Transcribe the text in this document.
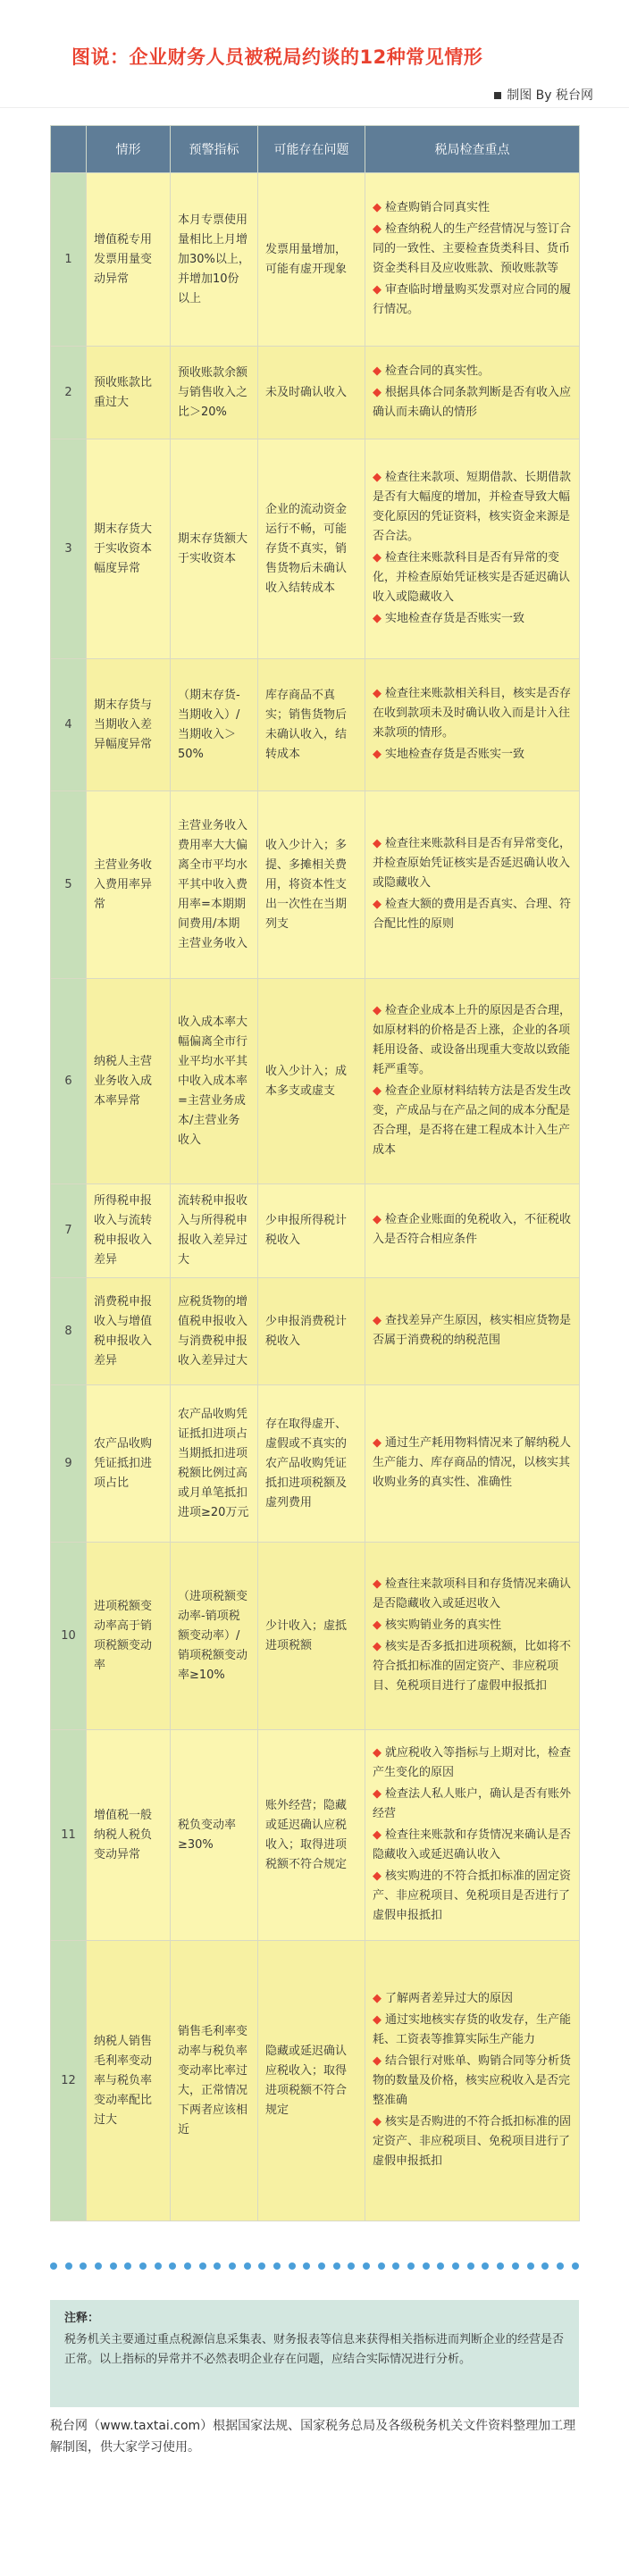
图说：企业财务人员被税局约谈的12种常见情形
制图 By 税台网
	情形	预警指标	可能存在问题	税局检查重点
1	增值税专用发票用量变动异常	本月专票使用量相比上月增加30%以上，并增加10份以上	发票用量增加，可能有虚开现象	◆ 检查购销合同真实性
◆ 检查纳税人的生产经营情况与签订合同的一致性、主要检查货类科目、货币资金类科目及应收账款、预收账款等
◆ 审查临时增量购买发票对应合同的履行情况。

2	预收账款比重过大	预收账款余额与销售收入之比＞20%	未及时确认收入	◆ 检查合同的真实性。
◆ 根据具体合同条款判断是否有收入应确认而未确认的情形

3	期末存货大于实收资本幅度异常	期末存货额大于实收资本	企业的流动资金运行不畅，可能存货不真实，销售货物后未确认收入结转成本	◆ 检查往来款项、短期借款、长期借款是否有大幅度的增加，并检查导致大幅变化原因的凭证资料，核实资金来源是否合法。
◆ 检查往来账款科目是否有异常的变化，并检查原始凭证核实是否延迟确认收入或隐藏收入
◆ 实地检查存货是否账实一致

4	期末存货与当期收入差异幅度异常	（期末存货-当期收入）/当期收入＞50%	库存商品不真实；销售货物后未确认收入，结转成本	◆ 检查往来账款相关科目，核实是否存在收到款项未及时确认收入而是计入往来款项的情形。
◆ 实地检查存货是否账实一致

5	主营业务收入费用率异常	主营业务收入费用率大大偏离全市平均水平其中收入费用率=本期期间费用/本期主营业务收入	收入少计入；多提、多摊相关费用，将资本性支出一次性在当期列支	◆ 检查往来账款科目是否有异常变化，并检查原始凭证核实是否延迟确认收入或隐藏收入
◆ 检查大额的费用是否真实、合理、符合配比性的原则

6	纳税人主营业务收入成本率异常	收入成本率大幅偏离全市行业平均水平其中收入成本率=主营业务成本/主营业务收入	收入少计入；成本多支或虚支	◆ 检查企业成本上升的原因是否合理，如原材料的价格是否上涨，企业的各项耗用设备、或设备出现重大变故以致能耗严重等。
◆ 检查企业原材料结转方法是否发生改变，产成品与在产品之间的成本分配是否合理，是否将在建工程成本计入生产成本

7	所得税申报收入与流转税申报收入差异	流转税申报收入与所得税申报收入差异过大	少申报所得税计税收入	◆ 检查企业账面的免税收入，不征税收入是否符合相应条件

8	消费税申报收入与增值税申报收入差异	应税货物的增值税申报收入与消费税申报收入差异过大	少申报消费税计税收入	◆ 查找差异产生原因，核实相应货物是否属于消费税的纳税范围

9	农产品收购凭证抵扣进项占比	农产品收购凭证抵扣进项占当期抵扣进项税额比例过高或月单笔抵扣进项≥20万元	存在取得虚开、虚假或不真实的农产品收购凭证抵扣进项税额及虚列费用	◆ 通过生产耗用物料情况来了解纳税人生产能力、库存商品的情况，以核实其收购业务的真实性、准确性

10	进项税额变动率高于销项税额变动率	（进项税额变动率-销项税额变动率）/销项税额变动率≥10%	少计收入；虚抵进项税额	◆ 检查往来款项科目和存货情况来确认是否隐藏收入或延迟收入
◆ 核实购销业务的真实性
◆ 核实是否多抵扣进项税额，比如将不符合抵扣标准的固定资产、非应税项目、免税项目进行了虚假申报抵扣

11	增值税一般纳税人税负变动异常	税负变动率≥30%	账外经营；隐藏或延迟确认应税收入；取得进项税额不符合规定	◆ 就应税收入等指标与上期对比，检查产生变化的原因
◆ 检查法人私人账户，确认是否有账外经营
◆ 检查往来账款和存货情况来确认是否隐藏收入或延迟确认收入
◆ 核实购进的不符合抵扣标准的固定资产、非应税项目、免税项目是否进行了虚假申报抵扣

12	纳税人销售毛利率变动率与税负率变动率配比过大	销售毛利率变动率与税负率变动率比率过大，正常情况下两者应该相近	隐藏或延迟确认应税收入；取得进项税额不符合规定	◆ 了解两者差异过大的原因
◆ 通过实地核实存货的收发存，生产能耗、工资表等推算实际生产能力
◆ 结合银行对账单、购销合同等分析货物的数量及价格，核实应税收入是否完整准确
◆ 核实是否购进的不符合抵扣标准的固定资产、非应税项目、免税项目进行了虚假申报抵扣
注释：
税务机关主要通过重点税源信息采集表、财务报表等信息来获得相关指标进而判断企业的经营是否正常。以上指标的异常并不必然表明企业存在问题，应结合实际情况进行分析。
税台网（www.taxtai.com）根据国家法规、国家税务总局及各级税务机关文件资料整理加工理解制图，供大家学习使用。
